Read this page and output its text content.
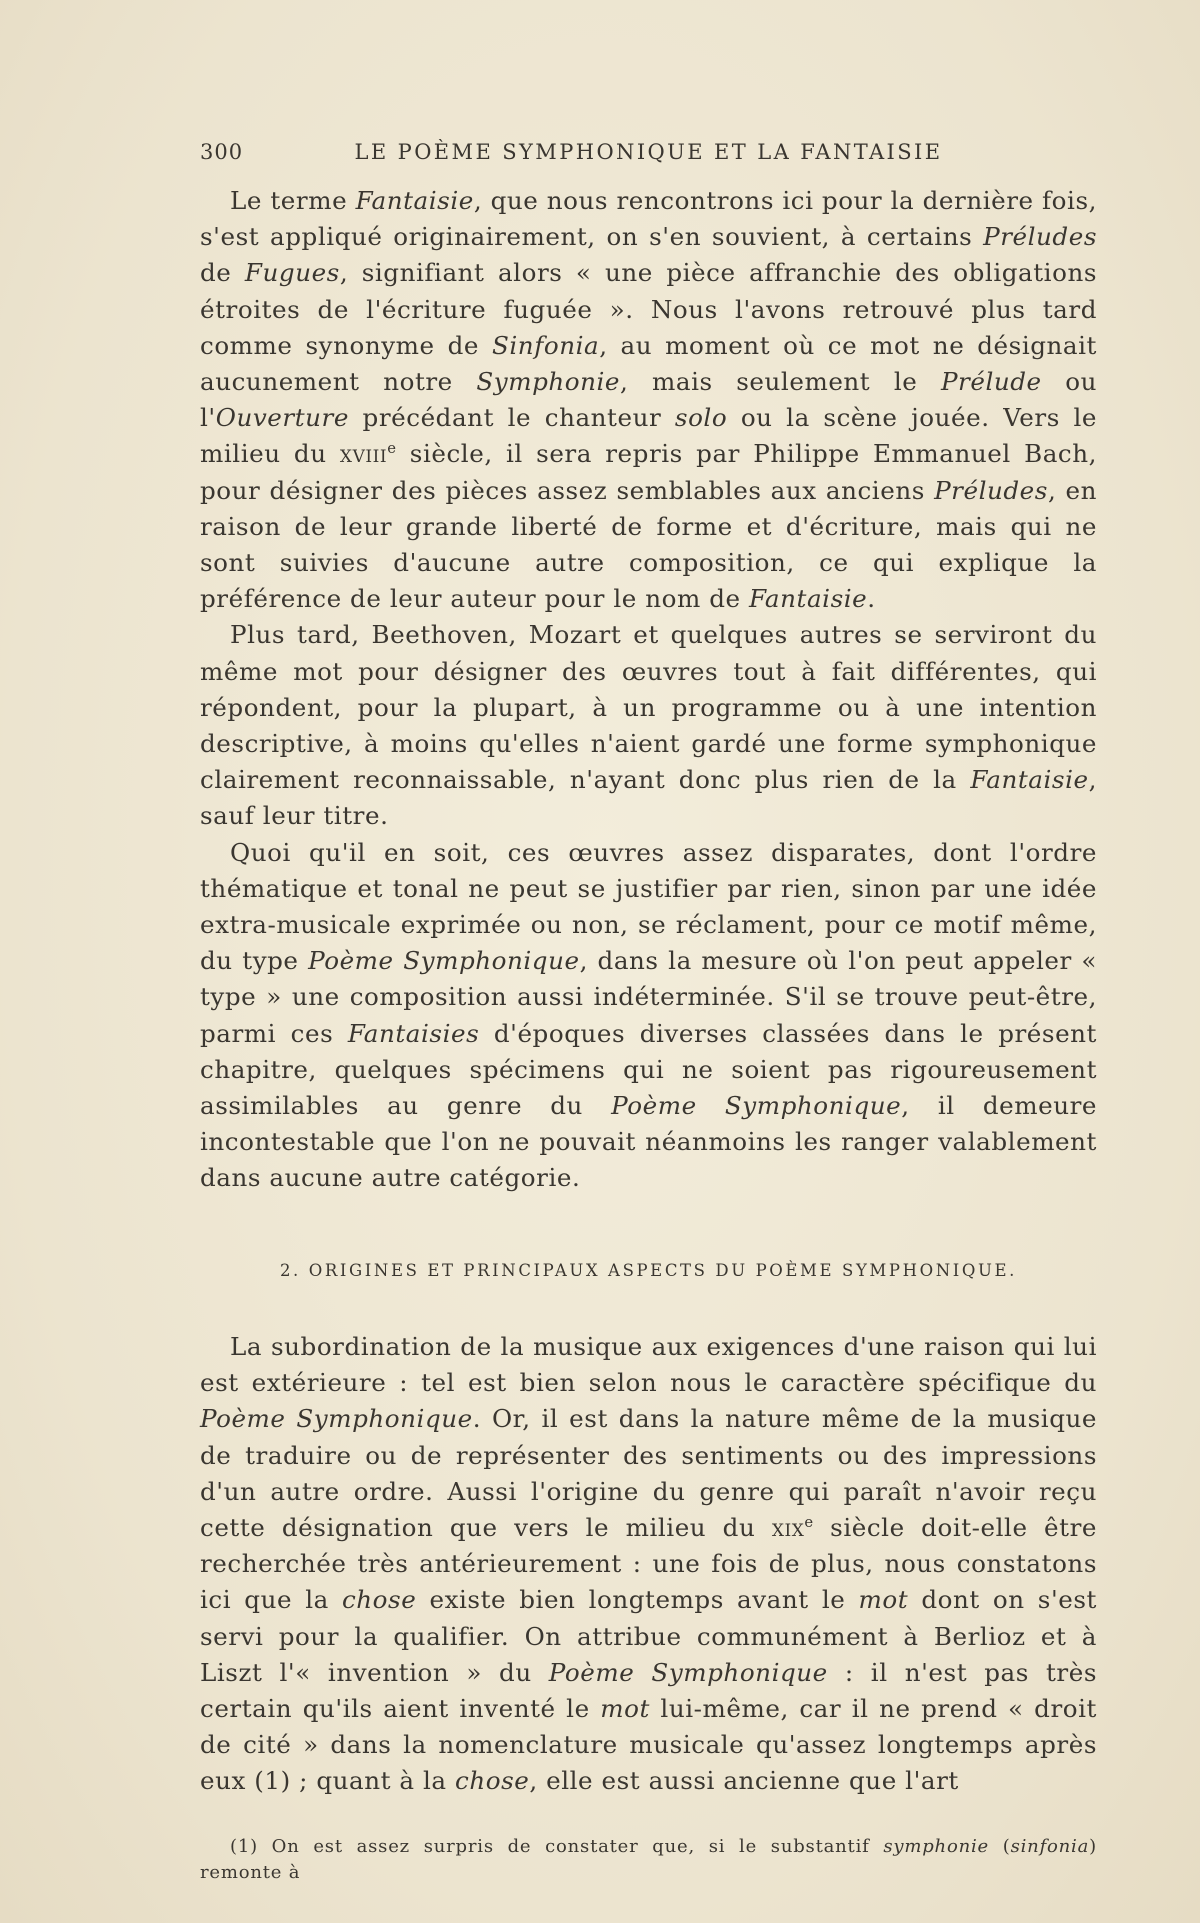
300	LE POÈME SYMPHONIQUE ET LA FANTAISIE

Le terme Fantaisie, que nous rencontrons ici pour la dernière fois, s'est appliqué originairement, on s'en souvient, à certains Préludes de Fugues, signifiant alors « une pièce affranchie des obligations étroites de l'écriture fuguée ». Nous l'avons retrouvé plus tard comme synonyme de Sinfonia, au moment où ce mot ne désignait aucunement notre Symphonie, mais seulement le Prélude ou l'Ouverture précédant le chanteur solo ou la scène jouée. Vers le milieu du xviii$^e$ siècle, il sera repris par Philippe Emmanuel Bach, pour désigner des pièces assez semblables aux anciens Préludes, en raison de leur grande liberté de forme et d'écriture, mais qui ne sont suivies d'aucune autre composition, ce qui explique la préférence de leur auteur pour le nom de Fantaisie.

Plus tard, Beethoven, Mozart et quelques autres se serviront du même mot pour désigner des œuvres tout à fait différentes, qui répondent, pour la plupart, à un programme ou à une intention descriptive, à moins qu'elles n'aient gardé une forme symphonique clairement reconnaissable, n'ayant donc plus rien de la Fantaisie, sauf leur titre.

Quoi qu'il en soit, ces œuvres assez disparates, dont l'ordre thématique et tonal ne peut se justifier par rien, sinon par une idée extra-musicale exprimée ou non, se réclament, pour ce motif même, du type Poème Symphonique, dans la mesure où l'on peut appeler « type » une composition aussi indéterminée. S'il se trouve peut-être, parmi ces Fantaisies d'époques diverses classées dans le présent chapitre, quelques spécimens qui ne soient pas rigoureusement assimilables au genre du Poème Symphonique, il demeure incontestable que l'on ne pouvait néanmoins les ranger valablement dans aucune autre catégorie.

2. ORIGINES ET PRINCIPAUX ASPECTS DU POÈME SYMPHONIQUE.

La subordination de la musique aux exigences d'une raison qui lui est extérieure : tel est bien selon nous le caractère spécifique du Poème Symphonique. Or, il est dans la nature même de la musique de traduire ou de représenter des sentiments ou des impressions d'un autre ordre. Aussi l'origine du genre qui paraît n'avoir reçu cette désignation que vers le milieu du xix$^e$ siècle doit-elle être recherchée très antérieurement : une fois de plus, nous constatons ici que la chose existe bien longtemps avant le mot dont on s'est servi pour la qualifier. On attribue communément à Berlioz et à Liszt l'« invention » du Poème Symphonique : il n'est pas très certain qu'ils aient inventé le mot lui-même, car il ne prend « droit de cité » dans la nomenclature musicale qu'assez longtemps après eux (1) ; quant à la chose, elle est aussi ancienne que l'art

(1) On est assez surpris de constater que, si le substantif symphonie (sinfonia) remonte à
